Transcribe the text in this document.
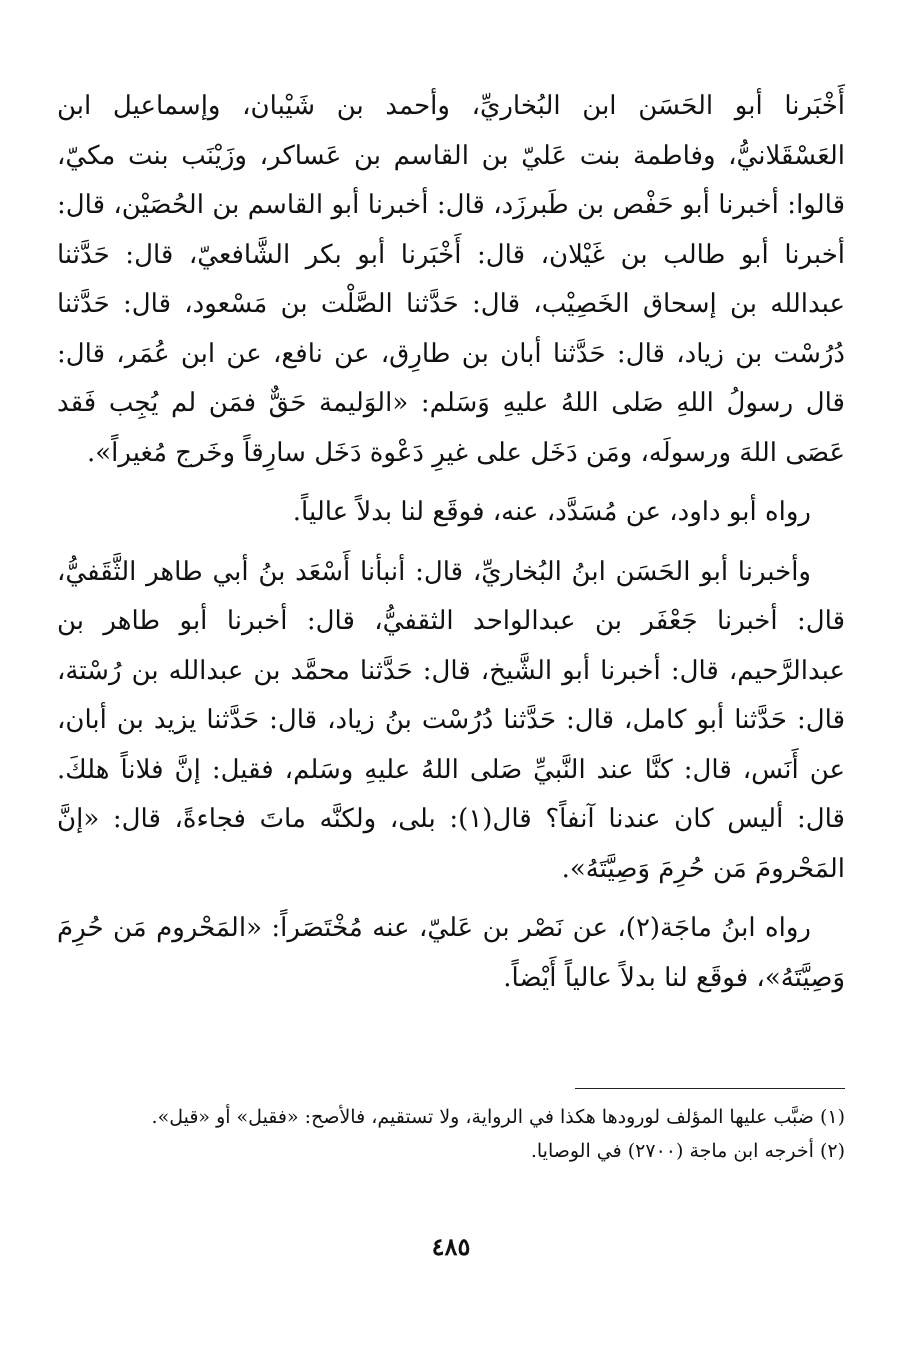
أَخْبَرنا أبو الحَسَن ابن البُخاريِّ، وأحمد بن شَيْبان، وإسماعيل ابن العَسْقَلانيُّ، وفاطمة بنت عَليّ بن القاسم بن عَساكر، وزَيْنَب بنت مكيّ، قالوا: أخبرنا أبو حَفْص بن طَبرزَد، قال: أخبرنا أبو القاسم بن الحُصَيْن، قال: أخبرنا أبو طالب بن غَيْلان، قال: أَخْبَرنا أبو بكر الشَّافعيّ، قال: حَدَّثنا عبدالله بن إسحاق الخَصِيْب، قال: حَدَّثنا الصَّلْت بن مَسْعود، قال: حَدَّثنا دُرُسْت بن زياد، قال: حَدَّثنا أبان بن طارِق، عن نافع، عن ابن عُمَر، قال: قال رسولُ اللهِ صَلى اللهُ عليهِ وَسَلم: «الوَليمة حَقٌّ فمَن لم يُجِب فَقد عَصَى اللهَ ورسولَه، ومَن دَخَل على غيرِ دَعْوة دَخَل سارِقاً وخَرج مُغيراً».

رواه أبو داود، عن مُسَدَّد، عنه، فوقَع لنا بدلاً عالياً.

وأخبرنا أبو الحَسَن ابنُ البُخاريِّ، قال: أنبأنا أَسْعَد بنُ أبي طاهر الثَّقَفيُّ، قال: أخبرنا جَعْفَر بن عبدالواحد الثقفيُّ، قال: أخبرنا أبو طاهر بن عبدالرَّحيم، قال: أخبرنا أبو الشَّيخ، قال: حَدَّثنا محمَّد بن عبدالله بن رُسْتة، قال: حَدَّثنا أبو كامل، قال: حَدَّثنا دُرُسْت بنُ زياد، قال: حَدَّثنا يزيد بن أبان، عن أَنَس، قال: كنَّا عند النَّبيِّ صَلى اللهُ عليهِ وسَلم، فقيل: إنَّ فلاناً هلكَ. قال: أليس كان عندنا آنفاً؟ قال(١): بلى، ولكنَّه ماتَ فجاءةً، قال: «إنَّ المَحْرومَ مَن حُرِمَ وَصِيَّتَهُ».

رواه ابنُ ماجَة(٢)، عن نَصْر بن عَليّ، عنه مُخْتَصَراً: «المَحْروم مَن حُرِمَ وَصِيَّتَهُ»، فوقَع لنا بدلاً عالياً أَيْضاً.

(١) ضبَّب عليها المؤلف لورودها هكذا في الرواية، ولا تستقيم، فالأصح: «فقيل» أو «قيل».

(٢) أخرجه ابن ماجة (٢٧٠٠) في الوصايا.

٤٨٥
